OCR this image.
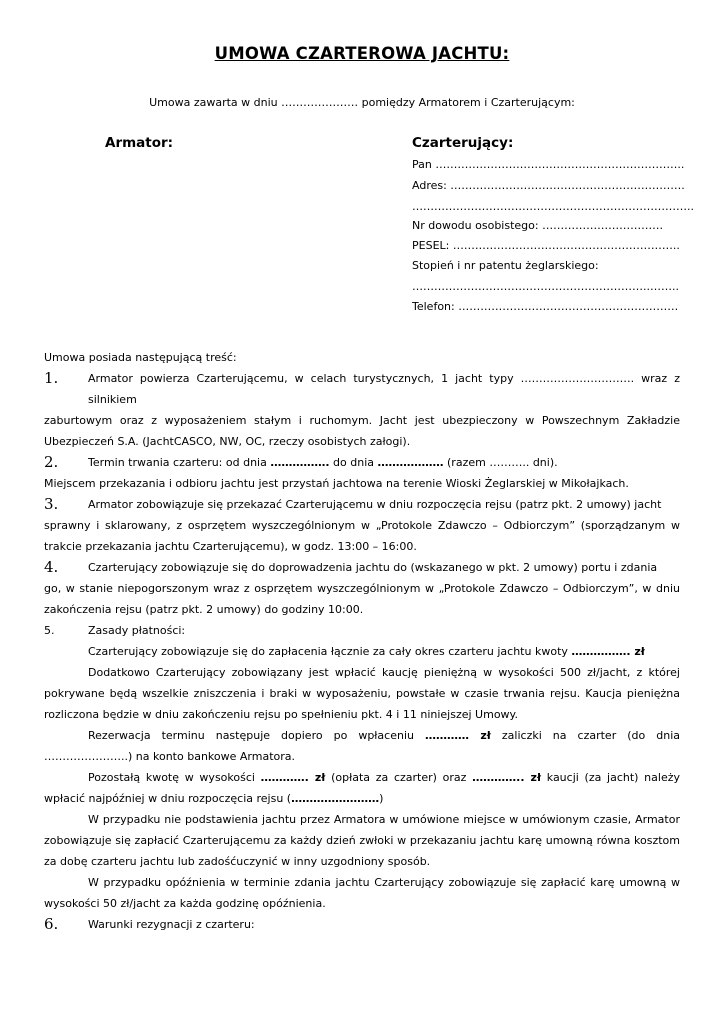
UMOWA CZARTEROWA JACHTU:
Umowa zawarta w dniu ………………… pomiędzy Armatorem i Czarterującym:
Armator:	Czarterujący:
Pan …………………………………………………………..
Adres: ……………………………………………………….
…………………………………………………………………..
Nr dowodu osobistego: ……………………………
PESEL: ……………………………………………………..
Stopień i nr patentu żeglarskiego:
………………………………………………………..……..
Telefon: ……………………………………………………

Umowa posiada następującą treść:

1.	Armator powierza Czarterującemu, w celach turystycznych, 1 jacht typy …………………………. wraz z silnikiem

zaburtowym oraz z wyposażeniem stałym i ruchomym. Jacht jest ubezpieczony w Powszechnym Zakładzie Ubezpieczeń S.A. (JachtCASCO, NW, OC, rzeczy osobistych załogi).

2.	Termin trwania czarteru: od dnia ……………. do dnia ……………… (razem ……….. dni).

Miejscem przekazania i odbioru jachtu jest przystań jachtowa na terenie Wioski Żeglarskiej w Mikołajkach.

3.	Armator zobowiązuje się przekazać Czarterującemu w dniu rozpoczęcia rejsu (patrz pkt. 2 umowy) jacht

sprawny i sklarowany, z osprzętem wyszczególnionym w „Protokole Zdawczo – Odbiorczym” (sporządzanym w trakcie przekazania jachtu Czarterującemu), w godz. 13:00 – 16:00.

4.	Czarterujący zobowiązuje się do doprowadzenia jachtu do (wskazanego w pkt. 2 umowy) portu i zdania

go, w stanie niepogorszonym wraz z osprzętem wyszczególnionym w „Protokole Zdawczo – Odbiorczym”, w dniu zakończenia rejsu (patrz pkt. 2 umowy) do godziny 10:00.

5.	Zasady płatności:

Czarterujący zobowiązuje się do zapłacenia łącznie za cały okres czarteru jachtu kwoty ……………. zł

Dodatkowo Czarterujący zobowiązany jest wpłacić kaucję pieniężną w wysokości 500 zł/jacht, z której pokrywane będą wszelkie zniszczenia i braki w wyposażeniu, powstałe w czasie trwania rejsu. Kaucja pieniężna rozliczona będzie w dniu zakończeniu rejsu po spełnieniu pkt. 4 i 11 niniejszej Umowy.

Rezerwacja terminu następuje dopiero po wpłaceniu ………… zł zaliczki na czarter (do dnia …………………..) na konto bankowe Armatora.

Pozostałą kwotę w wysokości …………. zł (opłata za czarter) oraz ………….. zł kaucji (za jacht) należy wpłacić najpóźniej w dniu rozpoczęcia rejsu (……………………)

W przypadku nie podstawienia jachtu przez Armatora w umówione miejsce w umówionym czasie, Armator zobowiązuje się zapłacić Czarterującemu za każdy dzień zwłoki w przekazaniu jachtu karę umowną równa kosztom za dobę czarteru jachtu lub zadośćuczynić w inny uzgodniony sposób.

W przypadku opóźnienia w terminie zdania jachtu Czarterujący zobowiązuje się zapłacić karę umowną w wysokości 50 zł/jacht za każda godzinę opóźnienia.

6.	Warunki rezygnacji z czarteru:
